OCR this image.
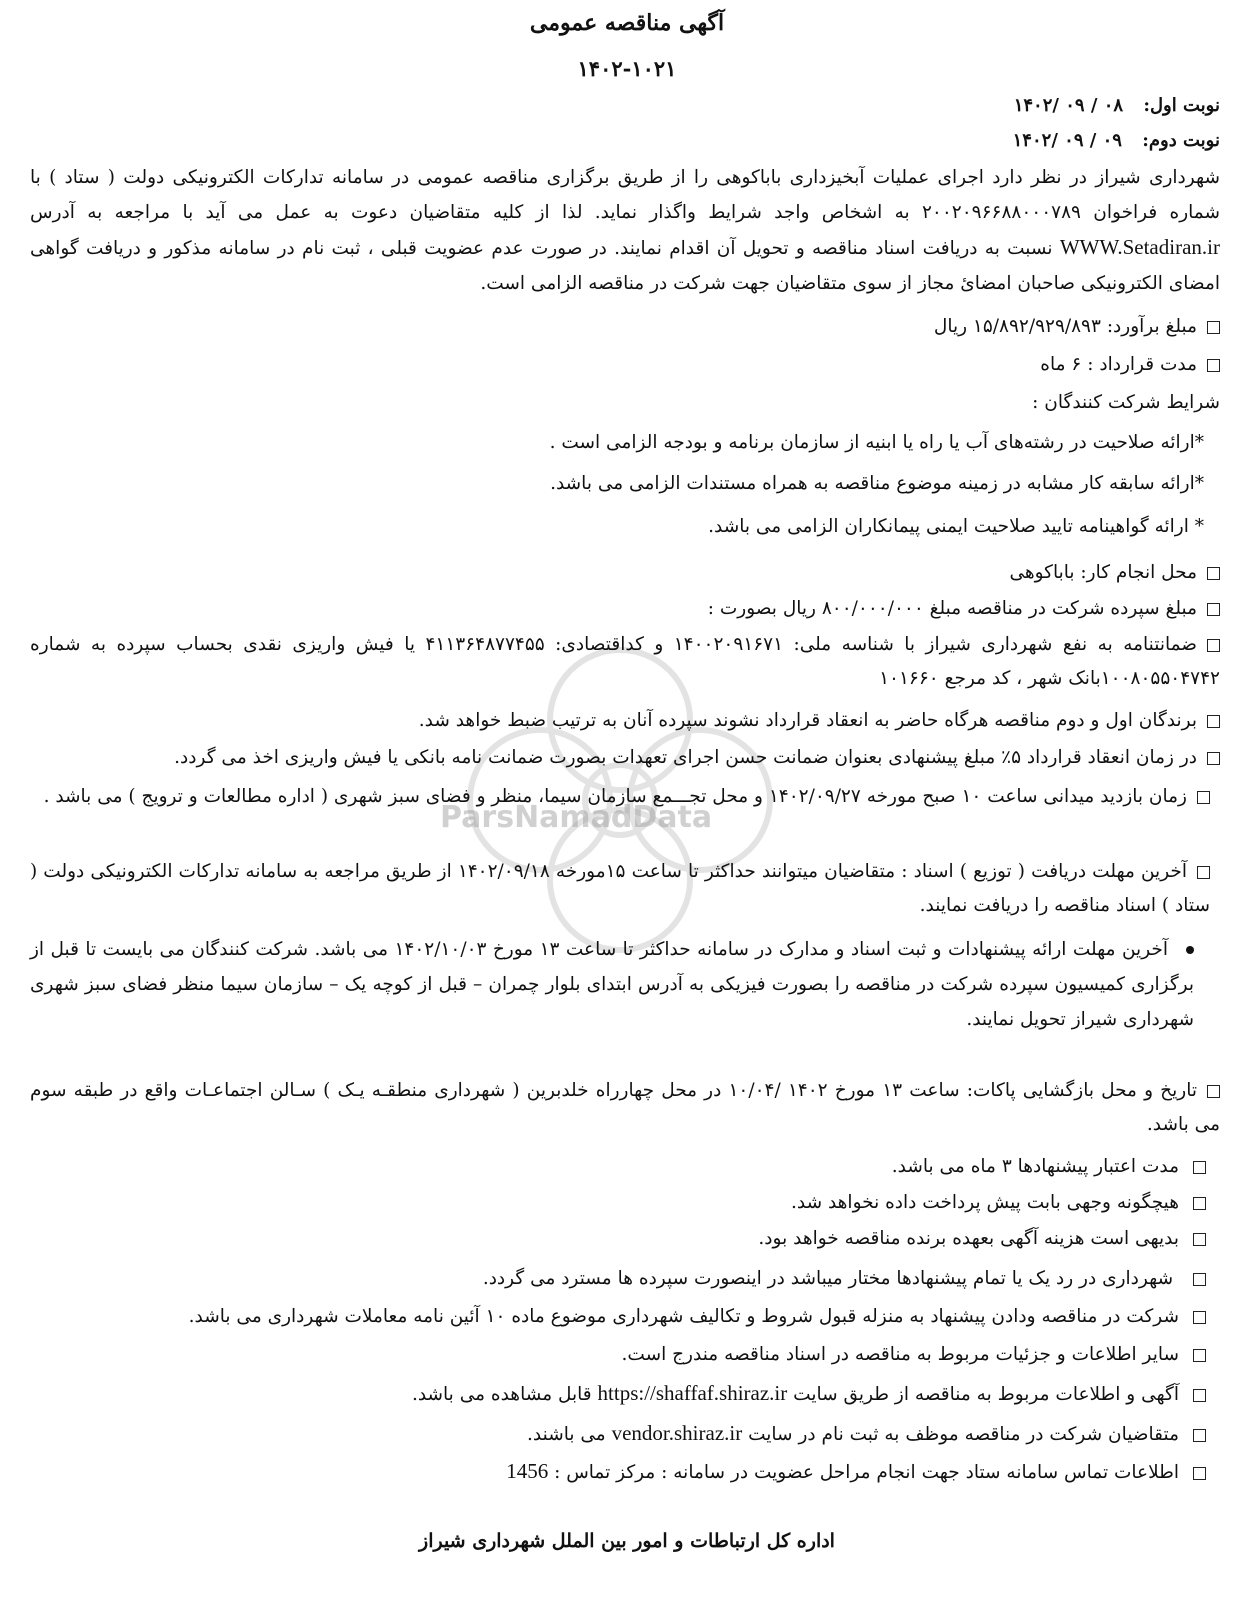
ParsNamadData
آگهی مناقصه عمومی
۱۴۰۲-۱۰۲۱
نوبت اول: ۰۸ / ۰۹ /۱۴۰۲
نوبت دوم: ۰۹ / ۰۹ /۱۴۰۲
شهرداری شیراز در نظر دارد اجرای عملیات آبخیزداری باباکوهی را از طریق برگزاری مناقصه عمومی در سامانه تدارکات الکترونیکی دولت ( ستاد ) با شماره فراخوان ۲۰۰۲۰۹۶۶۸۸۰۰۰۷۸۹ به اشخاص واجد شرایط واگذار نماید. لذا از کلیه متقاضیان دعوت به عمل می آید با مراجعه به آدرس WWW.Setadiran.ir نسبت به دریافت اسناد مناقصه و تحویل آن اقدام نمایند. در صورت عدم عضویت قبلی ، ثبت نام در سامانه مذکور و دریافت گواهی امضای الکترونیکی صاحبان امضائ مجاز از سوی متقاضیان جهت شرکت در مناقصه الزامی است.
مبلغ برآورد: ۱۵/۸۹۲/۹۲۹/۸۹۳ ریال
مدت قرارداد : ۶ ماه
شرایط شرکت کنندگان :
*ارائه صلاحیت در رشته‌های آب یا راه یا ابنیه از سازمان برنامه و بودجه الزامی است .
*ارائه سابقه کار مشابه در زمینه موضوع مناقصه به همراه مستندات الزامی می باشد.
* ارائه گواهینامه تایید صلاحیت ایمنی پیمانکاران الزامی می باشد.
محل انجام کار: باباکوهی
مبلغ سپرده شرکت در مناقصه مبلغ ۸۰۰/۰۰۰/۰۰۰ ریال بصورت :
ضمانتنامه به نفع شهرداری شیراز با شناسه ملی: ۱۴۰۰۲۰۹۱۶۷۱ و کداقتصادی: ۴۱۱۳۶۴۸۷۷۴۵۵ یا فیش واریزی نقدی بحساب سپرده به شماره ۱۰۰۸۰۵۵۰۴۷۴۲بانک شهر ، کد مرجع ۱۰۱۶۶۰
برندگان اول و دوم مناقصه هرگاه حاضر به انعقاد قرارداد نشوند سپرده آنان به ترتیب ضبط خواهد شد.
در زمان انعقاد قرارداد ۵٪ مبلغ پیشنهادی بعنوان ضمانت حسن اجرای تعهدات بصورت ضمانت نامه بانکی یا فیش واریزی اخذ می گردد.
زمان بازدید میدانی ساعت ۱۰ صبح مورخه ۱۴۰۲/۰۹/۲۷ و محل تجـــمع سازمان سیما، منظر و فضای سبز شهری ( اداره مطالعات و ترویج ) می باشد .
آخرین مهلت دریافت ( توزیع ) اسناد : متقاضیان میتوانند حداکثر تا ساعت ۱۵مورخه ۱۴۰۲/۰۹/۱۸ از طریق مراجعه به سامانه تدارکات الکترونیکی دولت ( ستاد ) اسناد مناقصه را دریافت نمایند.
آخرین مهلت ارائه پیشنهادات و ثبت اسناد و مدارک در سامانه حداکثر تا ساعت ۱۳ مورخ ۱۴۰۲/۱۰/۰۳ می باشد. شرکت کنندگان می بایست تا قبل از برگزاری کمیسیون سپرده شرکت در مناقصه را بصورت فیزیکی به آدرس ابتدای بلوار چمران – قبل از کوچه یک – سازمان سیما منظر فضای سبز شهری شهرداری شیراز تحویل نمایند.
تاریخ و محل بازگشایی پاکات: ساعت ۱۳ مورخ ۱۴۰۲ /۱۰/۰۴ در محل چهارراه خلدبرین ( شهرداری منطقـه یـک ) سـالن اجتماعـات واقع در طبقه سوم می باشد.
مدت اعتبار پیشنهادها ۳ ماه می باشد.
هیچگونه وجهی بابت پیش پرداخت داده نخواهد شد.
بدیهی است هزینه آگهی بعهده برنده مناقصه خواهد بود.
شهرداری در رد یک یا تمام پیشنهادها مختار میباشد در اینصورت سپرده ها مسترد می گردد.
شرکت در مناقصه ودادن پیشنهاد به منزله قبول شروط و تکالیف شهرداری موضوع ماده ۱۰ آئین نامه معاملات شهرداری می باشد.
سایر اطلاعات و جزئیات مربوط به مناقصه در اسناد مناقصه مندرج است.
آگهی و اطلاعات مربوط به مناقصه از طریق سایت https://shaffaf.shiraz.ir قابل مشاهده می باشد.
متقاضیان شرکت در مناقصه موظف به ثبت نام در سایت vendor.shiraz.ir می باشند.
اطلاعات تماس سامانه ستاد جهت انجام مراحل عضویت در سامانه : مرکز تماس : 1456
اداره کل ارتباطات و امور بین الملل شهرداری شیراز
